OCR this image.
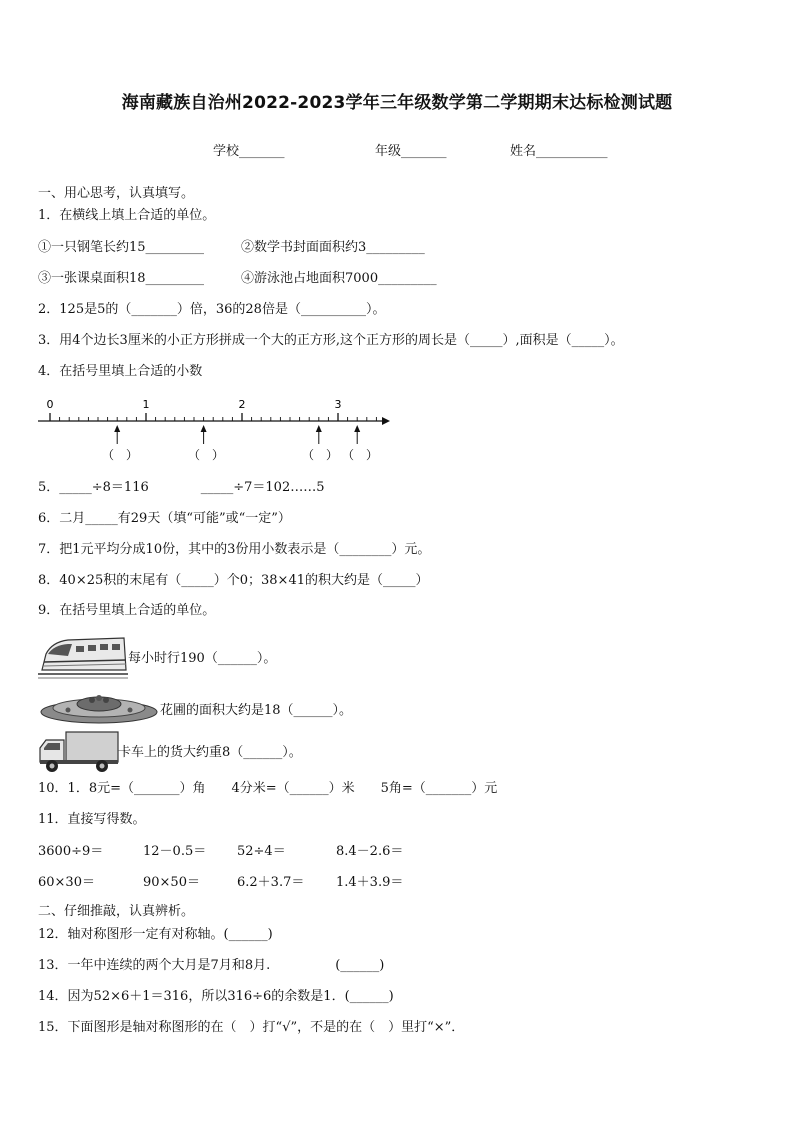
海南藏族自治州2022-2023学年三年级数学第二学期期末达标检测试题
学校_______	年级_______	姓名___________
一、用心思考，认真填写。
1．在横线上填上合适的单位。
①一只钢笔长约15_________	②数学书封面面积约3_________
③一张课桌面积18_________	④游泳池占地面积7000_________
2．125是5的（_______）倍，36的28倍是（__________）。
3．用4个边长3厘米的小正方形拼成一个大的正方形,这个正方形的周长是（_____）,面积是（_____）。
4．在括号里填上合适的小数
0	1	2	3
（　）	（　）	（　） （　）
5．_____÷8＝116　　　　_____÷7＝102……5
6．二月_____有29天（填“可能”或“一定”）
7．把1元平均分成10份，其中的3份用小数表示是（________）元。
8．40×25积的末尾有（_____）个0；38×41的积大约是（_____）
9．在括号里填上合适的单位。
每小时行190（______）。
花圃的面积大约是18（______）。
卡车上的货大约重8（______）。
10．1．8元=（_______）角　　4分米=（______）米　　5角=（_______）元
11．直接写得数。
3600÷9＝	12－0.5＝ 52÷4＝	8.4－2.6＝
60×30＝	90×50＝	6.2＋3.7＝ 1.4＋3.9＝
二、仔细推敲，认真辨析。
12．轴对称图形一定有对称轴。(______)
13．一年中连续的两个大月是7月和8月.　　　　　(______)
14．因为52×6＋1＝316，所以316÷6的余数是1．(______)
15．下面图形是轴对称图形的在（　）打“√”，不是的在（　）里打“×”．
